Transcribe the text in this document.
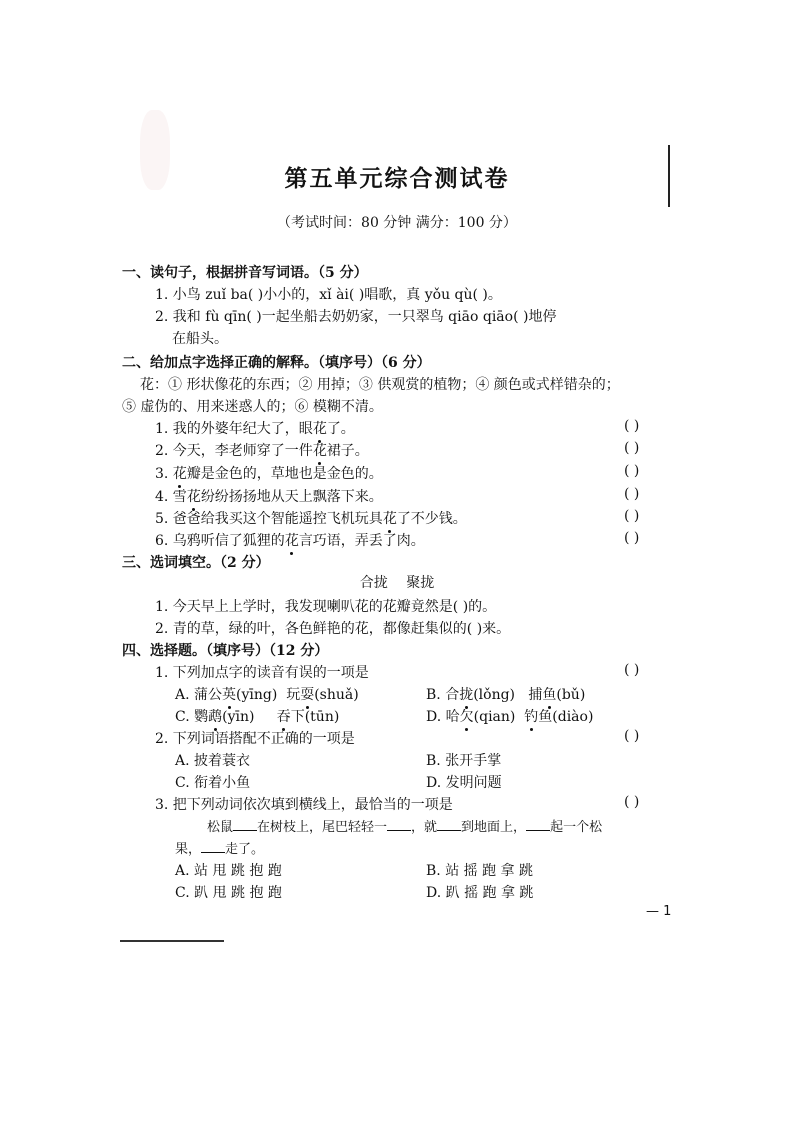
第五单元综合测试卷
（考试时间：80 分钟 满分：100 分）
一、读句子，根据拼音写词语。（5 分）
1. 小鸟 zuǐ ba( )小小的，xǐ ài( )唱歌，真 yǒu qù( )。
2. 我和 fù qīn( )一起坐船去奶奶家，一只翠鸟 qiāo qiāo( )地停
在船头。
二、给加点字选择正确的解释。（填序号）（6 分）
花：① 形状像花的东西；② 用掉；③ 供观赏的植物；④ 颜色或式样错杂的；
⑤ 虚伪的、用来迷惑人的；⑥ 模糊不清。
1. 我的外婆年纪大了，眼花了。	( )
2. 今天，李老师穿了一件花裙子。	( )
3. 花瓣是金色的，草地也是金色的。	( )
4. 雪花纷纷扬扬地从天上飘落下来。	( )
5. 爸爸给我买这个智能遥控飞机玩具花了不少钱。	( )
6. 乌鸦听信了狐狸的花言巧语，弄丢了肉。	( )
三、选词填空。（2 分）
合拢 聚拢
1. 今天早上上学时，我发现喇叭花的花瓣竟然是( )的。
2. 青的草，绿的叶，各色鲜艳的花，都像赶集似的( )来。
四、选择题。（填序号）（12 分）
1. 下列加点字的读音有误的一项是	( )
A. 蒲公英(yīng) 玩耍(shuǎ)	B. 合拢(lǒng) 捕鱼(bǔ)
C. 鹦鹉(yīn) 吞下(tūn)	D. 哈欠(qian) 钓鱼(diào)
2. 下列词语搭配不正确的一项是	( )
A. 披着蓑衣	B. 张开手掌
C. 衔着小鱼	D. 发明问题
3. 把下列动词依次填到横线上，最恰当的一项是	( )
松鼠 在树枝上，尾巴轻轻一 ，就 到地面上， 起一个松
果， 走了。
A. 站 甩 跳 抱 跑	B. 站 摇 跑 拿 跳
C. 趴 甩 跳 抱 跑	D. 趴 摇 跑 拿 跳
— 1
